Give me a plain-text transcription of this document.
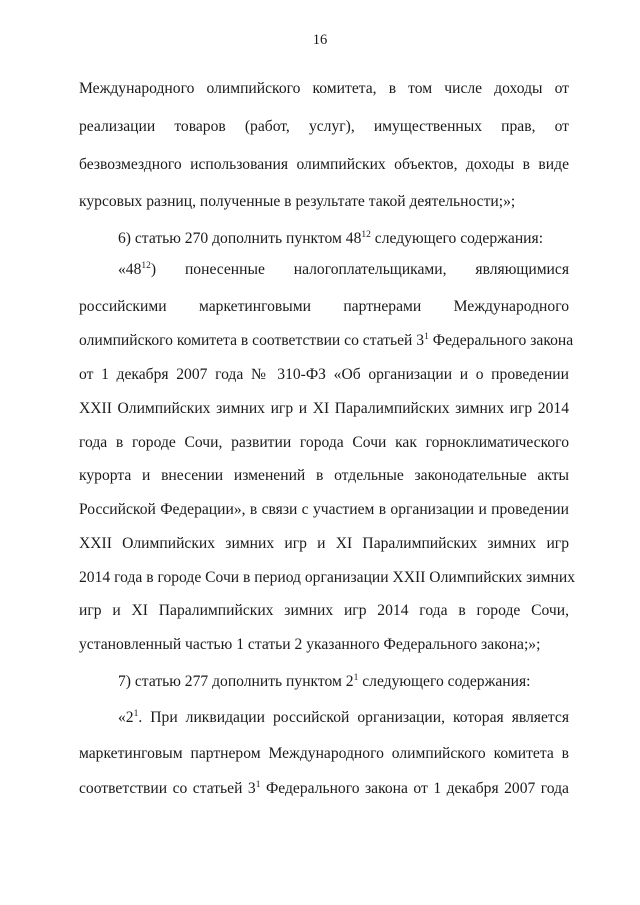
16
Международного олимпийского комитета, в том числе доходы от
реализации товаров (работ, услуг), имущественных прав, от
безвозмездного использования олимпийских объектов, доходы в виде
курсовых разниц, полученные в результате такой деятельности;»;
6) статью 270 дополнить пунктом $48^{12}$ следующего содержания:
«$48^{12}$) понесенные налогоплательщиками, являющимися
российскими маркетинговыми партнерами Международного
олимпийского комитета в соответствии со статьей $3^1$ Федерального закона
от 1 декабря 2007 года № 310-ФЗ «Об организации и о проведении
XXII Олимпийских зимних игр и XI Паралимпийских зимних игр 2014
года в городе Сочи, развитии города Сочи как горноклиматического
курорта и внесении изменений в отдельные законодательные акты
Российской Федерации», в связи с участием в организации и проведении
XXII Олимпийских зимних игр и XI Паралимпийских зимних игр
2014 года в городе Сочи в период организации XXII Олимпийских зимних
игр и XI Паралимпийских зимних игр 2014 года в городе Сочи,
установленный частью 1 статьи 2 указанного Федерального закона;»;
7) статью 277 дополнить пунктом $2^1$ следующего содержания:
«$2^1$. При ликвидации российской организации, которая является
маркетинговым партнером Международного олимпийского комитета в
соответствии со статьей $3^1$ Федерального закона от 1 декабря 2007 года
